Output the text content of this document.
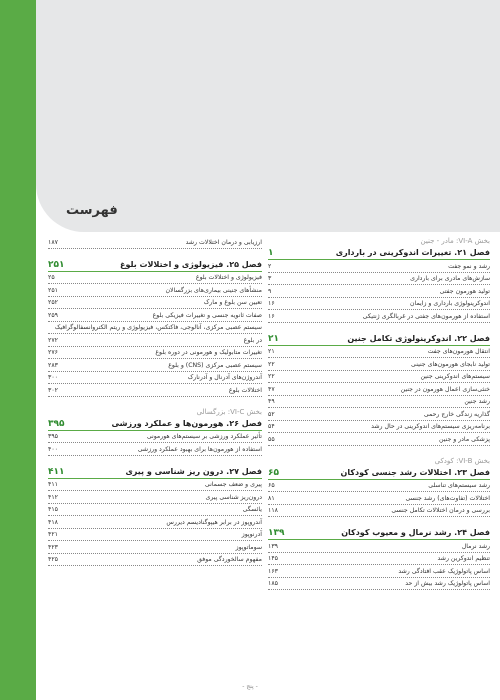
فهرست
بخش VI-A: مادر - جنین
فصل ۲۱. تغییرات اندوکرینی در بارداری
۱
رشد و نمو جفت
۲
سازش‌های مادری برای بارداری
۳
تولید هورمون جفتی
۹
اندوکرینولوژی بارداری و زایمان
۱۶
استفاده از هورمون‌های جفتی در غربالگری ژنتیکی
۱۶
فصل ۲۲. اندوکرینولوژی تکامل جنین
۲۱
انتقال هورمون‌های جفت
۲۱
تولید نابجای هورمون‌های جنینی
۲۲
سیستم‌های اندوکرینی جنین
۲۲
خنثی‌سازی اعمال هورمون در جنین
۴۷
رشد جنین
۴۹
گذاریه زندگی خارج رحمی
۵۲
برنامه‌ریزی سیستم‌های اندوکرینی در حال رشد
۵۴
پزشکی مادر و جنین
۵۵
بخش VI-B: کودکی
فصل ۲۳. اختلالات رشد جنسی کودکان
۶۵
رشد سیستم‌های تناسلی
۶۵
اختلالات (تفاوت‌های) رشد جنسی
۸۱
بررسی و درمان اختلالات تکامل جنسی
۱۱۸
فصل ۲۴. رشد نرمال و معیوب کودکان
۱۳۹
رشد نرمال
۱۳۹
تنظیم اندوکرین رشد
۱۴۵
اساس پاتولوژیک عقب افتادگی رشد
۱۶۳
اساس پاتولوژیک رشد بیش از حد
۱۸۵
ارزیابی و درمان اختلالات رشد
۱۸۷
فصل ۲۵. فیزیولوژی و اختلالات بلوغ
۲۵۱
فیزیولوژی و اختلالات بلوغ
۲۵
منشأهای جنینی بیماری‌های بزرگسالان
۲۵۱
تعیین سن بلوغ و مارک
۲۵۲
صفات ثانویه جنسی و تغییرات فیزیکی بلوغ
۲۵۹
سیستم عصبی مرکزی، آنالوجی، فاکتکس، فیزیولوژی و ریتم الکتروانسفالوگرافیک
در بلوغ
۲۷۲
تغییرات متابولیک و هورمونی در دوره بلوغ
۲۷۶
سیستم عصبی مرکزی (CNS) و بلوغ
۲۸۳
آندروژن‌های آدرنال و آدرنارک
۳۰۰
اختلالات بلوغ
۳۰۲
بخش VI-C: بزرگسالی
فصل ۲۶. هورمون‌ها و عملکرد ورزشی
۳۹۵
تأثیر عملکرد ورزشی بر سیستم‌های هورمونی
۳۹۵
استفاده از هورمون‌ها برای بهبود عملکرد ورزشی
۴۰۰
فصل ۲۷. درون ریز شناسی و پیری
۴۱۱
پیری و ضعف جسمانی
۴۱۱
درون‌ریز شناسی پیری
۴۱۲
یائسگی
۴۱۵
آندروپوز در برابر هیپوگنادیسم دیررس
۴۱۸
آدرنوپوز
۴۲۱
سوماتوپوز
۴۲۳
مفهوم سالخوردگی موفق
۴۲۵
- پنج -
